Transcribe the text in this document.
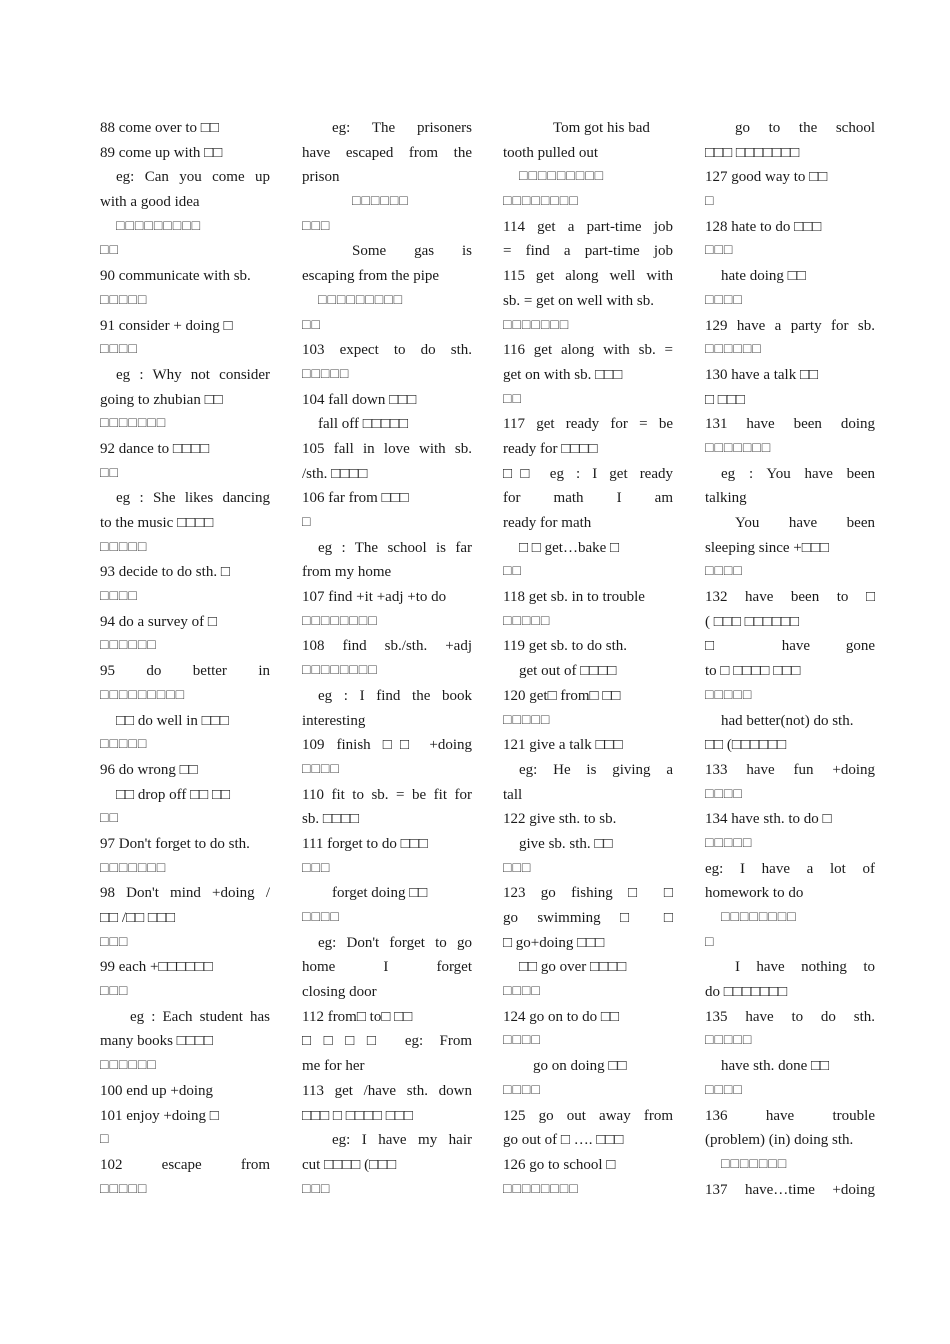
88 come over to □□
89 come up with □□
eg: Can you come up
with a good idea
□□□□□□□□□
□□
90 communicate with sb.
□□□□□
91 consider + doing □
□□□□
eg : Why not consider
going to zhubian □□
□□□□□□□
92 dance to □□□□
□□
eg : She likes dancing
to the music □□□□
□□□□□
93 decide to do sth. □
□□□□
94 do a survey of □
□□□□□□
95 do better in
□□□□□□□□□
□□ do well in □□□
□□□□□
96 do wrong □□
□□ drop off □□ □□
□□
97 Don't forget to do sth.
□□□□□□□
98 Don't mind +doing /
□□ /□□ □□□
□□□
99 each +□□□□□□
□□□
eg : Each student has
many books □□□□
□□□□□□
100 end up +doing
101 enjoy +doing □
□
102 escape from
□□□□□
eg: The prisoners
have escaped from the
prison
□□□□□□
□□□
Some gas is
escaping from the pipe
□□□□□□□□□
□□
103 expect to do sth.
□□□□□
104 fall down □□□
fall off □□□□□
105 fall in love with sb.
/sth. □□□□
106 far from □□□
□
eg : The school is far
from my home
107 find +it +adj +to do
□□□□□□□□
108 find sb./sth. +adj
□□□□□□□□
eg : I find the book
interesting
109 finish □□ +doing
□□□□
110 fit to sb. = be fit for
sb. □□□□
111 forget to do □□□
□□□
forget doing □□
□□□□
eg: Don't forget to go
home I forget
closing door
112 from□ to□ □□
□□□□ eg: From
me for her
113 get /have sth. down
□□□ □ □□□□ □□□
eg: I have my hair
cut □□□□ (□□□
□□□
Tom got his bad
tooth pulled out
□□□□□□□□□
□□□□□□□□
114 get a part-time job
= find a part-time job
115 get along well with
sb. = get on well with sb.
□□□□□□□
116 get along with sb. =
get on with sb. □□□
□□
117 get ready for = be
ready for □□□□
□□ eg : I get ready
for math I am
ready for math
□ □ get…bake □
□□
118 get sb. in to trouble
□□□□□
119 get sb. to do sth.
get out of □□□□
120 get□ from□ □□
□□□□□
121 give a talk □□□
eg: He is giving a
tall
122 give sth. to sb.
give sb. sth. □□
□□□
123 go fishing □ □
go swimming □ □
□ go+doing □□□
□□ go over □□□□
□□□□
124 go on to do □□
□□□□
go on doing □□
□□□□
125 go out away from
go out of □ …. □□□
126 go to school □
□□□□□□□□
go to the school
□□□ □□□□□□□
127 good way to □□
□
128 hate to do □□□
□□□
hate doing □□
□□□□
129 have a party for sb.
□□□□□□
130 have a talk □□
□ □□□
131 have been doing
□□□□□□□
eg : You have been
talking
You have been
sleeping since +□□□
□□□□
132 have been to □
( □□□ □□□□□□
□ have gone
to □ □□□□ □□□
□□□□□
had better(not) do sth.
□□ (□□□□□□
133 have fun +doing
□□□□
134 have sth. to do □
□□□□□
eg: I have a lot of
homework to do
□□□□□□□□
□
I have nothing to
do □□□□□□□
135 have to do sth.
□□□□□
have sth. done □□
□□□□
136 have trouble
(problem) (in) doing sth.
□□□□□□□
137 have…time +doing
